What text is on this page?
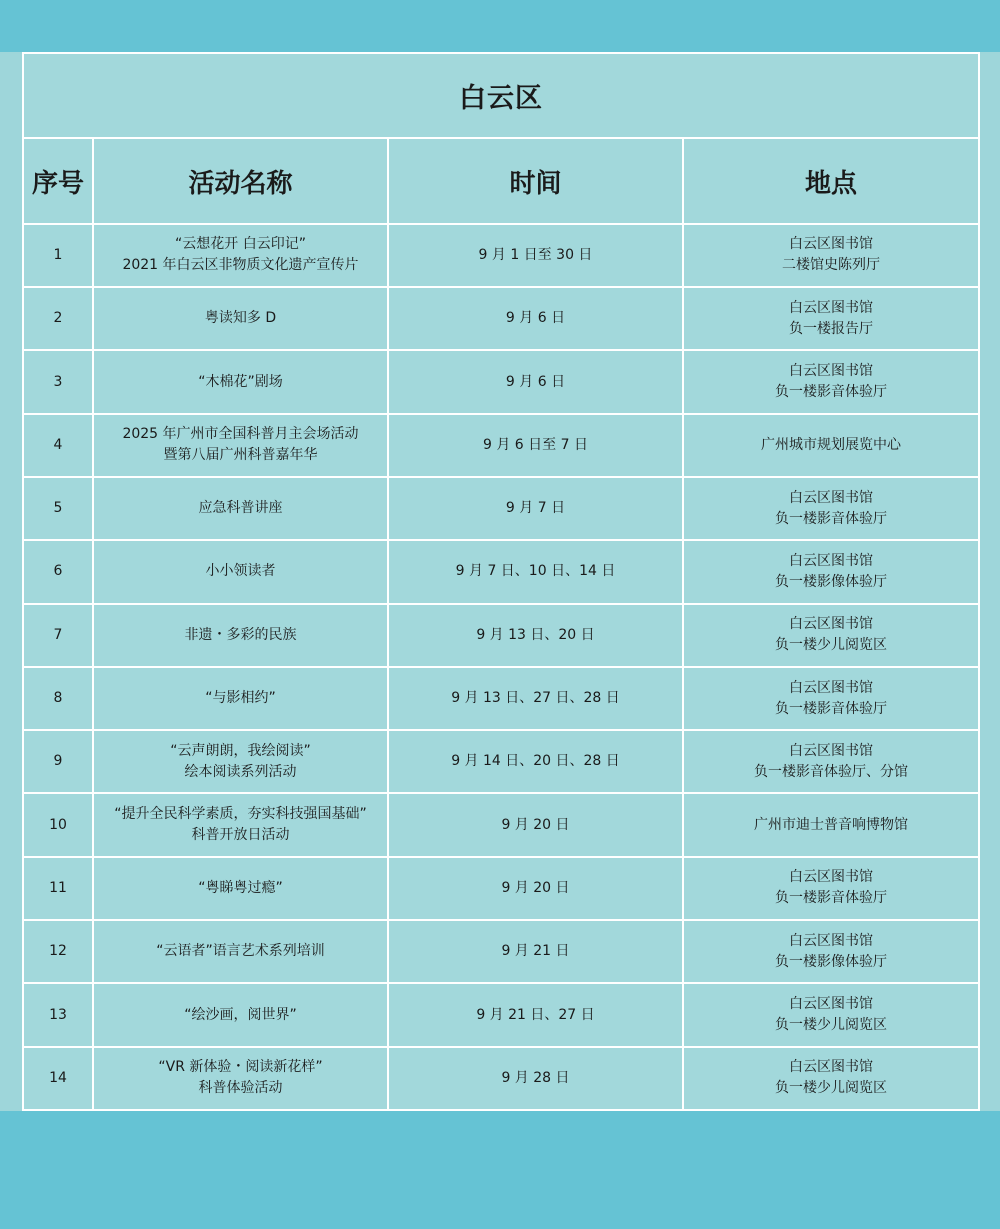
白云区			
序号	活动名称	时间	地点
1	“云想花开 白云印记”
2021 年白云区非物质文化遗产宣传片	9 月 1 日至 30 日	白云区图书馆
二楼馆史陈列厅

2	粤读知多 D	9 月 6 日	白云区图书馆
负一楼报告厅

3	“木棉花”剧场	9 月 6 日	白云区图书馆
负一楼影音体验厅

4	2025 年广州市全国科普月主会场活动
暨第八届广州科普嘉年华	9 月 6 日至 7 日	广州城市规划展览中心

5	应急科普讲座	9 月 7 日	白云区图书馆
负一楼影音体验厅

6	小小领读者	9 月 7 日、10 日、14 日	白云区图书馆
负一楼影像体验厅

7	非遗・多彩的民族	9 月 13 日、20 日	白云区图书馆
负一楼少儿阅览区

8	“与影相约”	9 月 13 日、27 日、28 日	白云区图书馆
负一楼影音体验厅

9	“云声朗朗，我绘阅读”
绘本阅读系列活动	9 月 14 日、20 日、28 日	白云区图书馆
负一楼影音体验厅、分馆

10	“提升全民科学素质，夯实科技强国基础”
科普开放日活动	9 月 20 日	广州市迪士普音响博物馆

11	“粤睇粤过瘾”	9 月 20 日	白云区图书馆
负一楼影音体验厅

12	“云语者”语言艺术系列培训	9 月 21 日	白云区图书馆
负一楼影像体验厅

13	“绘沙画，阅世界”	9 月 21 日、27 日	白云区图书馆
负一楼少儿阅览区

14	“VR 新体验・阅读新花样”
科普体验活动	9 月 28 日	白云区图书馆
负一楼少儿阅览区
